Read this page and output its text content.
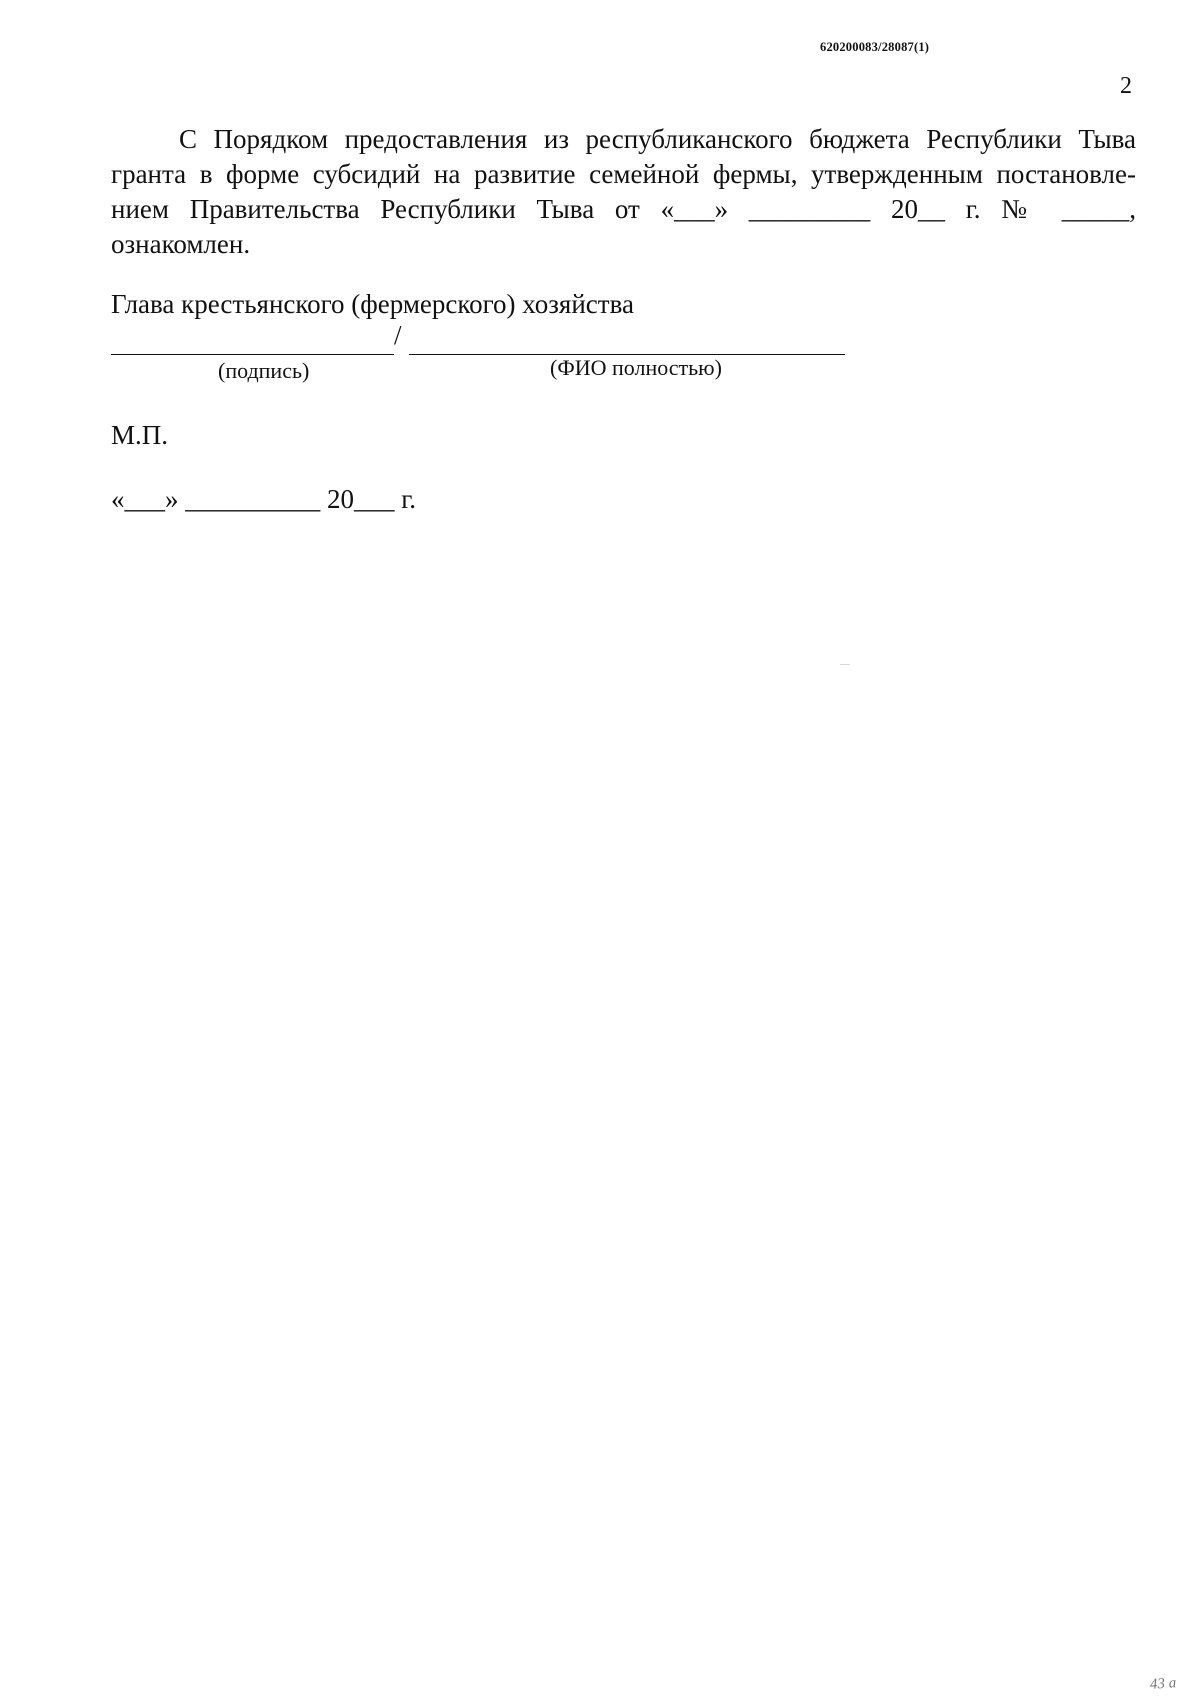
620200083/28087(1)
2

С Порядком предоставления из республиканского бюджета Республики Тыва
гранта в форме субсидий на развитие семейной фермы, утвержденным постановле-
нием Правительства Республики Тыва от «___» _________ 20__ г. № _____,
ознакомлен.

Глава крестьянского (фермерского) хозяйства
/
(подпись)	(ФИО полностью)
М.П.
«___» __________ 20___ г.
43 а
